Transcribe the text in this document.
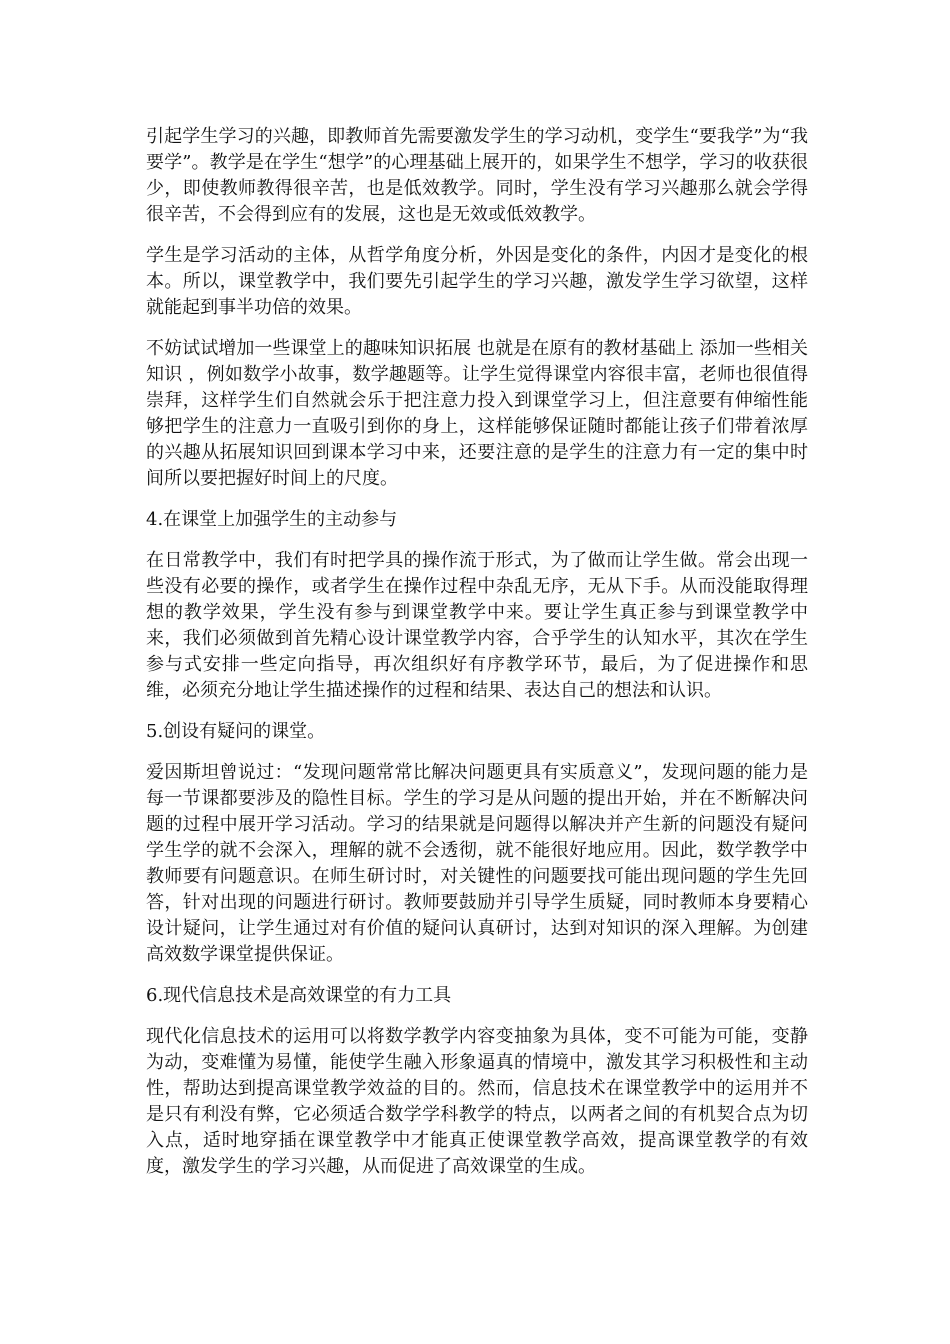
引起学生学习的兴趣，即教师首先需要激发学生的学习动机，变学生“要我学”为“我要学”。教学是在学生“想学”的心理基础上展开的，如果学生不想学，学习的收获很少，即使教师教得很辛苦，也是低效教学。同时，学生没有学习兴趣那么就会学得很辛苦，不会得到应有的发展，这也是无效或低效教学。

学生是学习活动的主体，从哲学角度分析，外因是变化的条件，内因才是变化的根本。所以，课堂教学中，我们要先引起学生的学习兴趣，激发学生学习欲望，这样就能起到事半功倍的效果。

不妨试试增加一些课堂上的趣味知识拓展 也就是在原有的教材基础上 添加一些相关知识 ，例如数学小故事，数学趣题等。让学生觉得课堂内容很丰富，老师也很值得崇拜，这样学生们自然就会乐于把注意力投入到课堂学习上，但注意要有伸缩性能够把学生的注意力一直吸引到你的身上，这样能够保证随时都能让孩子们带着浓厚的兴趣从拓展知识回到课本学习中来，还要注意的是学生的注意力有一定的集中时间所以要把握好时间上的尺度。

4.在课堂上加强学生的主动参与

在日常教学中，我们有时把学具的操作流于形式，为了做而让学生做。常会出现一些没有必要的操作，或者学生在操作过程中杂乱无序，无从下手。从而没能取得理想的教学效果，学生没有参与到课堂教学中来。要让学生真正参与到课堂教学中来，我们必须做到首先精心设计课堂教学内容，合乎学生的认知水平，其次在学生参与式安排一些定向指导，再次组织好有序教学环节，最后，为了促进操作和思维，必须充分地让学生描述操作的过程和结果、表达自己的想法和认识。

5.创设有疑问的课堂。

爱因斯坦曾说过：“发现问题常常比解决问题更具有实质意义”，发现问题的能力是每一节课都要涉及的隐性目标。学生的学习是从问题的提出开始，并在不断解决问题的过程中展开学习活动。学习的结果就是问题得以解决并产生新的问题没有疑问学生学的就不会深入，理解的就不会透彻，就不能很好地应用。因此，数学教学中教师要有问题意识。在师生研讨时，对关键性的问题要找可能出现问题的学生先回答，针对出现的问题进行研讨。教师要鼓励并引导学生质疑，同时教师本身要精心设计疑问，让学生通过对有价值的疑问认真研讨，达到对知识的深入理解。为创建高效数学课堂提供保证。

6.现代信息技术是高效课堂的有力工具

现代化信息技术的运用可以将数学教学内容变抽象为具体，变不可能为可能，变静为动，变难懂为易懂，能使学生融入形象逼真的情境中，激发其学习积极性和主动性，帮助达到提高课堂教学效益的目的。然而，信息技术在课堂教学中的运用并不是只有利没有弊，它必须适合数学学科教学的特点，以两者之间的有机契合点为切入点，适时地穿插在课堂教学中才能真正使课堂教学高效，提高课堂教学的有效度，激发学生的学习兴趣，从而促进了高效课堂的生成。
